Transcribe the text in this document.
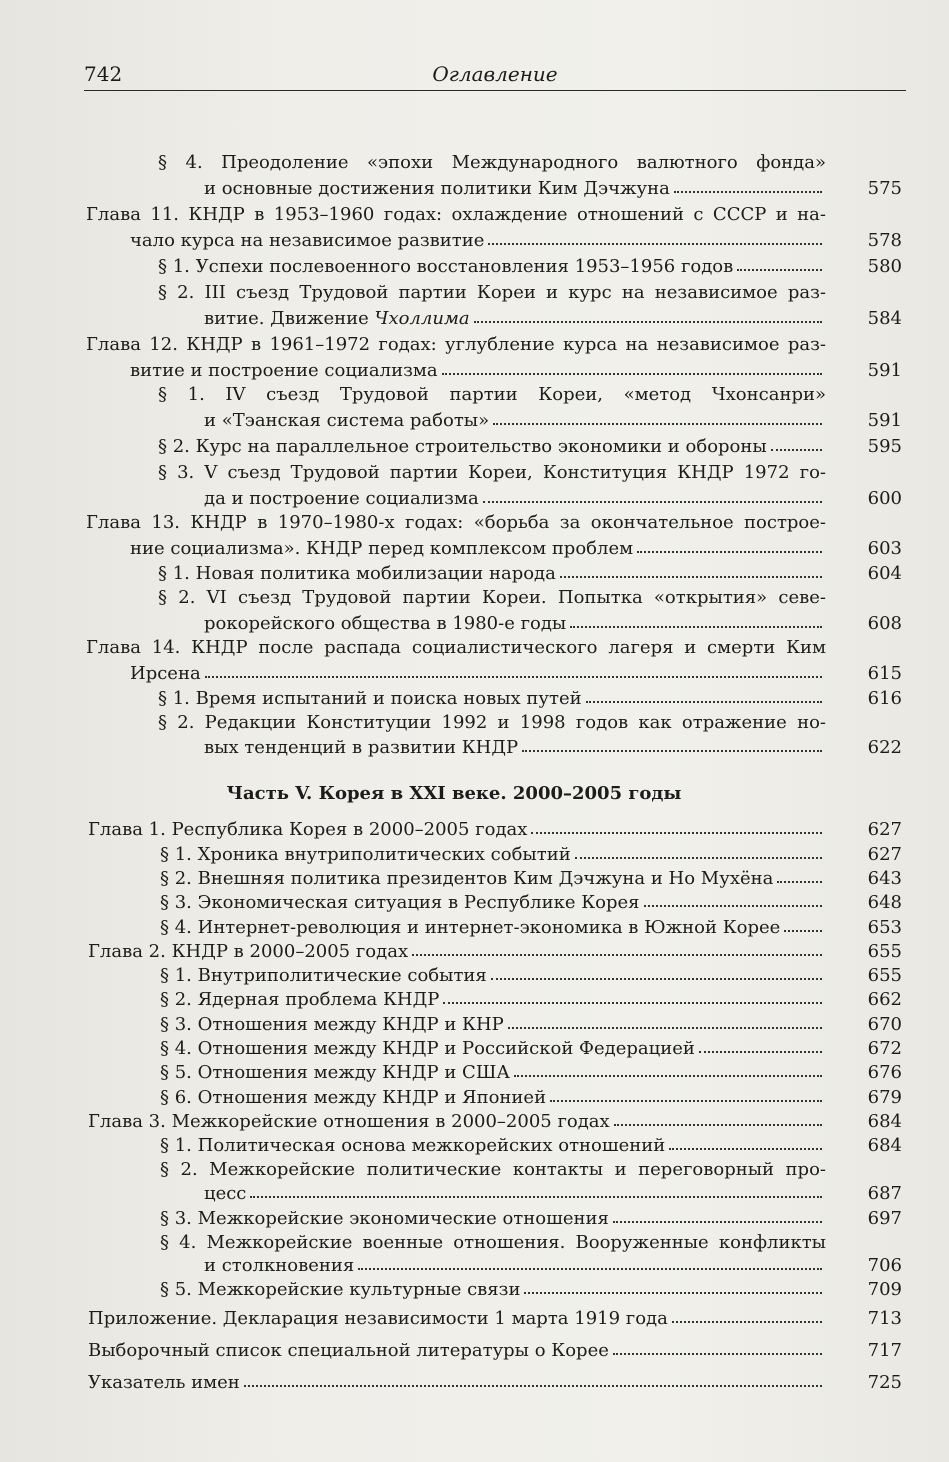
742	Оглавление
Часть V. Корея в XXI веке. 2000–2005 годы
§ 4. Преодоление «эпохи Международного валютного фонда»
575
и основные достижения политики Ким Дэчжуна
Глава 11. КНДР в 1953–1960 годах: охлаждение отношений с СССР и на-
578
чало курса на независимое развитие
580
§ 1. Успехи послевоенного восстановления 1953–1956 годов
§ 2. III съезд Трудовой партии Кореи и курс на независимое раз-
584
витие. Движение Чхоллима
Глава 12. КНДР в 1961–1972 годах: углубление курса на независимое раз-
591
витие и построение социализма
§ 1. IV съезд Трудовой партии Кореи, «метод Чхонсанри»
591
и «Тэанская система работы»
595
§ 2. Курс на параллельное строительство экономики и обороны
§ 3. V съезд Трудовой партии Кореи, Конституция КНДР 1972 го-
600
да и построение социализма
Глава 13. КНДР в 1970–1980-х годах: «борьба за окончательное построе-
603
ние социализма». КНДР перед комплексом проблем
604
§ 1. Новая политика мобилизации народа
§ 2. VI съезд Трудовой партии Кореи. Попытка «открытия» севе-
608
рокорейского общества в 1980-е годы
Глава 14. КНДР после распада социалистического лагеря и смерти Ким
615
Ирсена
616
§ 1. Время испытаний и поиска новых путей
§ 2. Редакции Конституции 1992 и 1998 годов как отражение но-
622
вых тенденций в развитии КНДР
627
Глава 1. Республика Корея в 2000–2005 годах
627
§ 1. Хроника внутриполитических событий
643
§ 2. Внешняя политика президентов Ким Дэчжуна и Но Мухёна
648
§ 3. Экономическая ситуация в Республике Корея
653
§ 4. Интернет-революция и интернет-экономика в Южной Корее
655
Глава 2. КНДР в 2000–2005 годах
655
§ 1. Внутриполитические события
662
§ 2. Ядерная проблема КНДР
670
§ 3. Отношения между КНДР и КНР
672
§ 4. Отношения между КНДР и Российской Федерацией
676
§ 5. Отношения между КНДР и США
679
§ 6. Отношения между КНДР и Японией
684
Глава 3. Межкорейские отношения в 2000–2005 годах
684
§ 1. Политическая основа межкорейских отношений
§ 2. Межкорейские политические контакты и переговорный про-
687
цесс
697
§ 3. Межкорейские экономические отношения
§ 4. Межкорейские военные отношения. Вооруженные конфликты
706
и столкновения
709
§ 5. Межкорейские культурные связи
713
Приложение. Декларация независимости 1 марта 1919 года
717
Выборочный список специальной литературы о Корее
725
Указатель имен
